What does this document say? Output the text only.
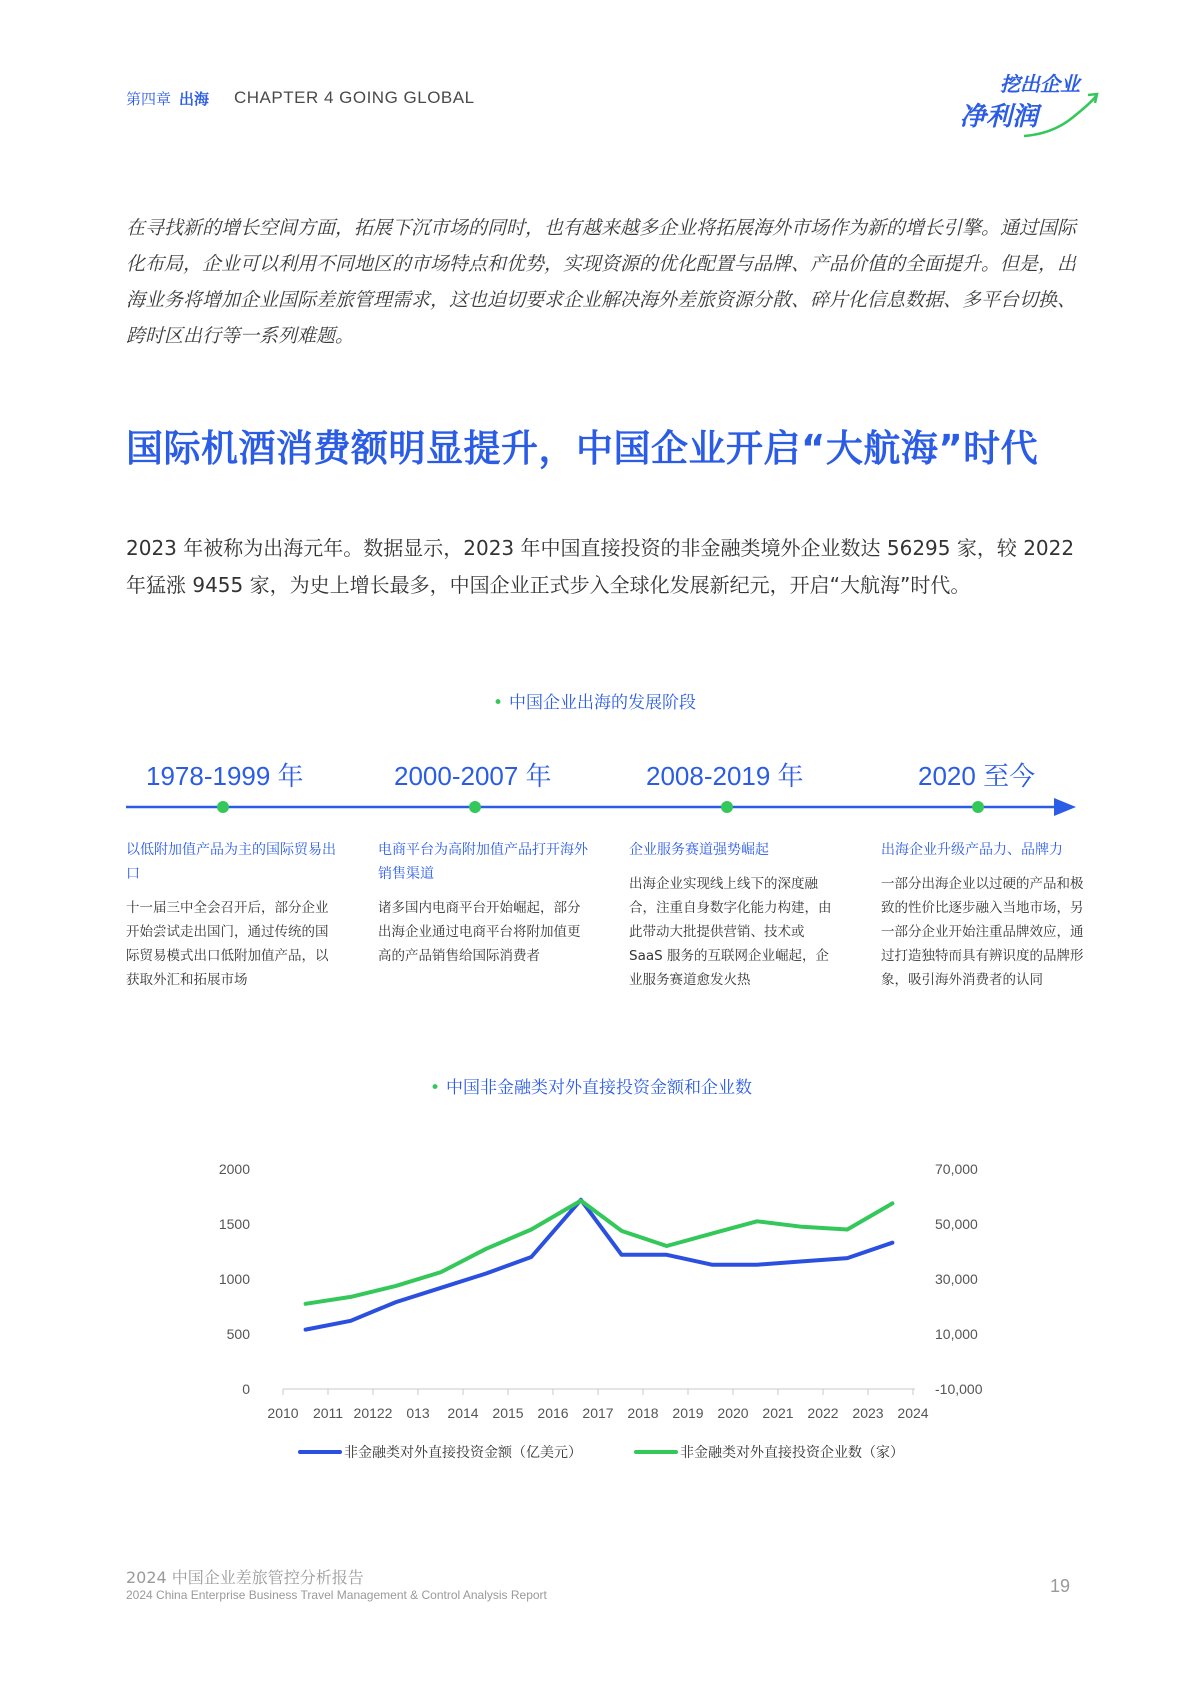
第四章 出海 CHAPTER 4 GOING GLOBAL
挖出企业
净利润
在寻找新的增长空间方面，拓展下沉市场的同时，也有越来越多企业将拓展海外市场作为新的增长引擎。通过国际化布局，企业可以利用不同地区的市场特点和优势，实现资源的优化配置与品牌、产品价值的全面提升。但是，出海业务将增加企业国际差旅管理需求，这也迫切要求企业解决海外差旅资源分散、碎片化信息数据、多平台切换、跨时区出行等一系列难题。
国际机酒消费额明显提升，中国企业开启“大航海”时代
2023 年被称为出海元年。数据显示，2023 年中国直接投资的非金融类境外企业数达 56295 家，较 2022 年猛涨 9455 家，为史上增长最多，中国企业正式步入全球化发展新纪元，开启“大航海”时代。
• 中国企业出海的发展阶段
1978-1999 年	2000-2007 年	2008-2019 年	2020 至今
以低附加值产品为主的国际贸易出口
十一届三中全会召开后，部分企业开始尝试走出国门，通过传统的国际贸易模式出口低附加值产品，以获取外汇和拓展市场
电商平台为高附加值产品打开海外销售渠道
诸多国内电商平台开始崛起，部分出海企业通过电商平台将附加值更高的产品销售给国际消费者
企业服务赛道强势崛起
出海企业实现线上线下的深度融合，注重自身数字化能力构建，由此带动大批提供营销、技术或 SaaS 服务的互联网企业崛起，企业服务赛道愈发火热
出海企业升级产品力、品牌力
一部分出海企业以过硬的产品和极致的性价比逐步融入当地市场，另一部分企业开始注重品牌效应，通过打造独特而具有辨识度的品牌形象，吸引海外消费者的认同
• 中国非金融类对外直接投资金额和企业数
2010 2011 20122 013 2014 2015 2016 2017 2018 2019 2020 2021 2022 2023 2024
0
500
1000
1500
2000
-10,000
10,000
30,000
50,000
70,000
非金融类对外直接投资金额（亿美元）	非金融类对外直接投资企业数（家）
2024 中国企业差旅管控分析报告
2024 China Enterprise Business Travel Management & Control Analysis Report	19
